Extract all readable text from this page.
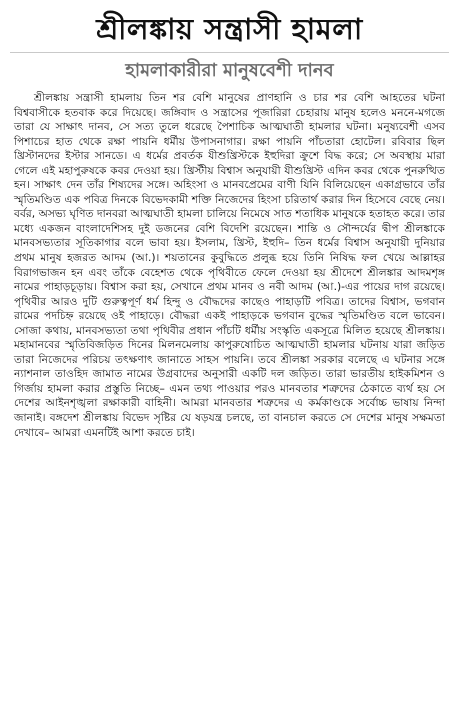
শ্রীলঙ্কায় সন্ত্রাসী হামলা
হামলাকারীরা মানুষবেশী দানব

শ্রীলঙ্কায় সন্ত্রাসী হামলায় তিন শর বেশি মানুষের প্রাণহানি ও চার শর বেশি আহতের ঘটনা বিশ্ববাসীকে হতবাক করে দিয়েছে। জঙ্গিবাদ ও সন্ত্রাসের পূজারিরা চেহারায় মানুষ হলেও মননে-মগজে তারা যে সাক্ষাৎ দানব, সে সত্য তুলে ধরেছে পৈশাচিক আত্মঘাতী হামলার ঘটনা। মনুষ্যবেশী এসব পিশাচের হাত থেকে রক্ষা পায়নি ধর্মীয় উপাসনাগার। রক্ষা পায়নি পাঁচতারা হোটেল। রবিবার ছিল খ্রিস্টানদের ইস্টার সানডে। এ ধর্মের প্রবর্তক যীশুখ্রিস্টকে ইহুদিরা ক্রুশে বিদ্ধ করে; সে অবস্থায় মারা গেলে এই মহাপুরুষকে কবর দেওয়া হয়। খ্রিস্টীয় বিশ্বাস অনুযায়ী যীশুখ্রিস্ট এদিন কবর থেকে পুনরুত্থিত হন। সাক্ষাৎ দেন তাঁর শিষ্যদের সঙ্গে। অহিংসা ও মানবপ্রেমের বাণী যিনি বিলিয়েছেন একাগ্রভাবে তাঁর স্মৃতিমণ্ডিত এক পবিত্র দিনকে বিভেদকামী শক্তি নিজেদের হিংসা চরিতার্থ করার দিন হিসেবে বেছে নেয়। বর্বর, অসভ্য ঘৃণিত দানবরা আত্মঘাতী হামলা চালিয়ে নিমেষে সাত শতাধিক মানুষকে হতাহত করে। তার মধ্যে একজন বাংলাদেশিসহ দুই ডজনের বেশি বিদেশি রয়েছেন। শান্তি ও সৌন্দর্যের দ্বীপ শ্রীলঙ্কাকে মানবসভ্যতার সূতিকাগার বলে ভাবা হয়। ইসলাম, খ্রিস্ট, ইহুদি– তিন ধর্মের বিশ্বাস অনুযায়ী দুনিয়ার প্রথম মানুষ হজরত আদম (আ.)। শয়তানের কুবুদ্ধিতে প্রলুব্ধ হয়ে তিনি নিষিদ্ধ ফল খেয়ে আল্লাহর বিরাগভাজন হন এবং তাঁকে বেহেশত থেকে পৃথিবীতে ফেলে দেওয়া হয় শ্রীদেশে শ্রীলঙ্কার আদমশৃঙ্গ নামের পাহাড়চূড়ায়। বিশ্বাস করা হয়, সেখানে প্রথম মানব ও নবী আদম (আ.)-এর পায়ের দাগ রয়েছে। পৃথিবীর আরও দুটি গুরুত্বপূর্ণ ধর্ম হিন্দু ও বৌদ্ধদের কাছেও পাহাড়টি পবিত্র। তাদের বিশ্বাস, ভগবান রামের পদচিহ্ন রয়েছে ওই পাহাড়ে। বৌদ্ধরা একই পাহাড়কে ভগবান বুদ্ধের স্মৃতিমণ্ডিত বলে ভাবেন। সোজা কথায়, মানবসভ্যতা তথা পৃথিবীর প্রধান পাঁচটি ধর্মীয় সংস্কৃতি একসূত্রে মিলিত হয়েছে শ্রীলঙ্কায়। মহামানবের স্মৃতিবিজড়িত দিনের মিলনমেলায় কাপুরুষোচিত আত্মঘাতী হামলার ঘটনায় যারা জড়িত তারা নিজেদের পরিচয় তৎক্ষণাৎ জানাতে সাহস পায়নি। তবে শ্রীলঙ্কা সরকার বলেছে এ ঘটনার সঙ্গে ন্যাশনাল তাওহিদ জামাত নামের উগ্রবাদের অনুসারী একটি দল জড়িত। তারা ভারতীয় হাইকমিশন ও গির্জায় হামলা করার প্রস্তুতি নিচ্ছে– এমন তথ্য পাওয়ার পরও মানবতার শত্রুদের ঠেকাতে ব্যর্থ হয় সে দেশের আইনশৃঙ্খলা রক্ষাকারী বাহিনী। আমরা মানবতার শত্রুদের এ কর্মকাণ্ডকে সর্বোচ্চ ভাষায় নিন্দা জানাই। বঙ্গদেশ শ্রীলঙ্কায় বিভেদ সৃষ্টির যে ষড়যন্ত্র চলছে, তা বানচাল করতে সে দেশের মানুষ সক্ষমতা দেখাবে– আমরা এমনটিই আশা করতে চাই।
